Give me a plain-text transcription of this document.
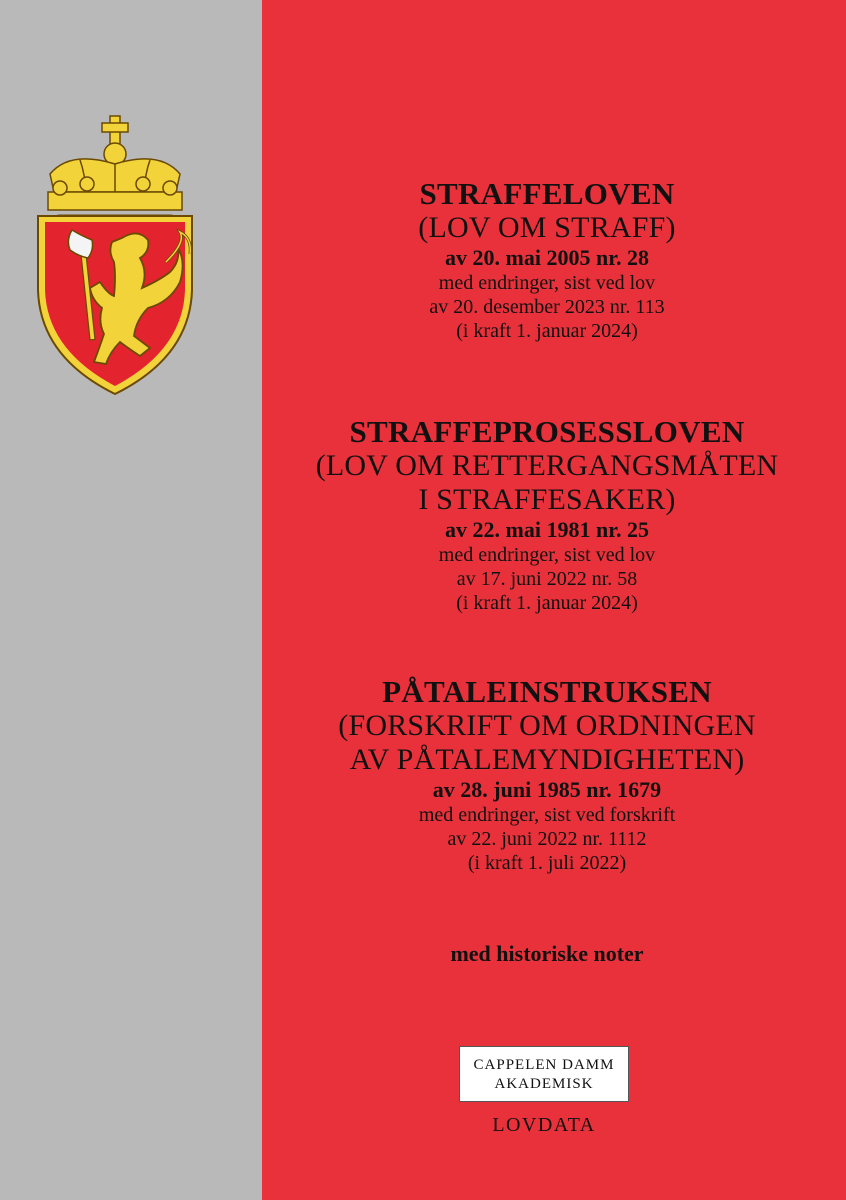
STRAFFELOVEN
(LOV OM STRAFF)
av 20. mai 2005 nr. 28
med endringer, sist ved lov
av 20. desember 2023 nr. 113
(i kraft 1. januar 2024)
STRAFFEPROSESSLOVEN
(LOV OM RETTERGANGSMÅTEN
I STRAFFESAKER)
av 22. mai 1981 nr. 25
med endringer, sist ved lov
av 17. juni 2022 nr. 58
(i kraft 1. januar 2024)
PÅTALEINSTRUKSEN
(FORSKRIFT OM ORDNINGEN
AV PÅTALEMYNDIGHETEN)
av 28. juni 1985 nr. 1679
med endringer, sist ved forskrift
av 22. juni 2022 nr. 1112
(i kraft 1. juli 2022)
med historiske noter
CAPPELEN DAMM
AKADEMISK
LOVDATA
